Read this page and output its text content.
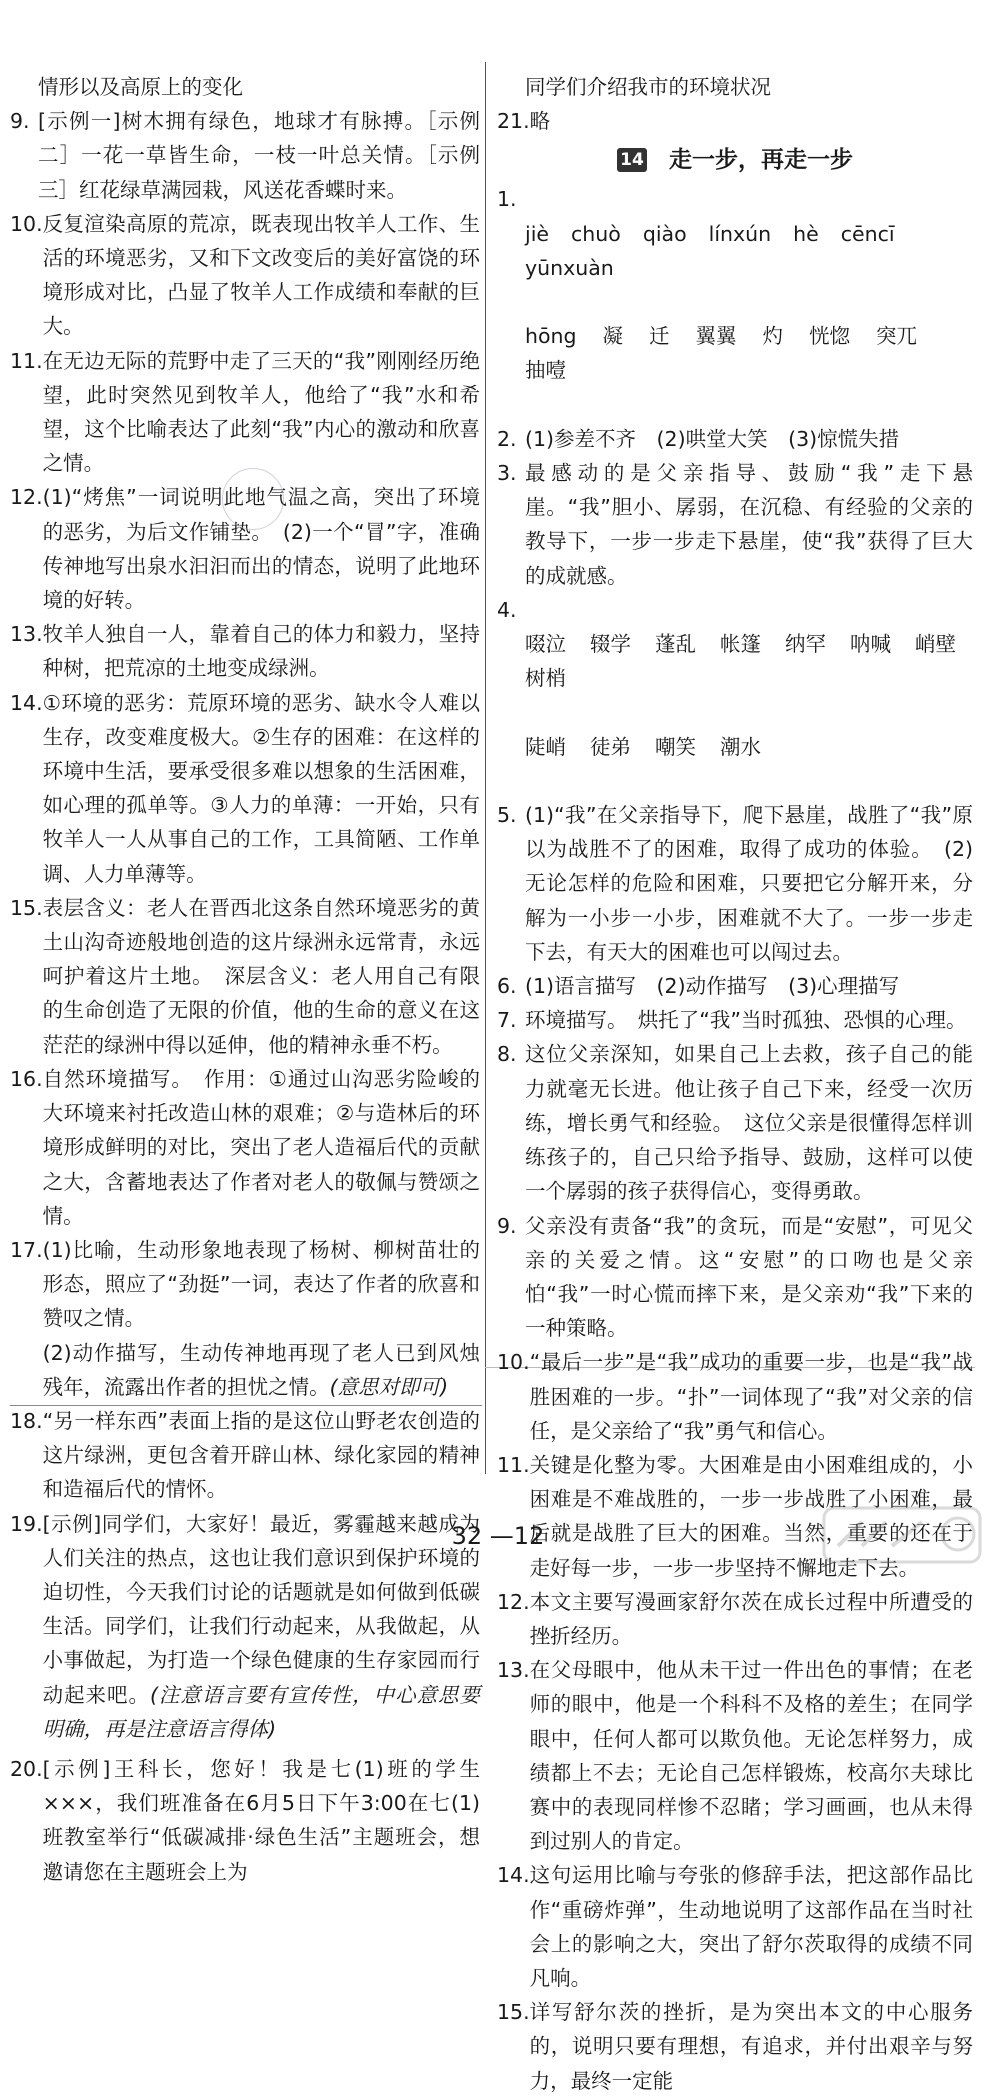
情形以及高原上的变化
9. [示例一]树木拥有绿色，地球才有脉搏。［示例二］一花一草皆生命，一枝一叶总关情。［示例三］红花绿草满园栽，风送花香蝶时来。
10. 反复渲染高原的荒凉，既表现出牧羊人工作、生活的环境恶劣，又和下文改变后的美好富饶的环境形成对比，凸显了牧羊人工作成绩和奉献的巨大。
11. 在无边无际的荒野中走了三天的“我”刚刚经历绝望，此时突然见到牧羊人，他给了“我”水和希望，这个比喻表达了此刻“我”内心的激动和欣喜之情。
12. (1)“烤焦”一词说明此地气温之高，突出了环境的恶劣，为后文作铺垫。　(2)一个“冒”字，准确传神地写出泉水汩汩而出的情态，说明了此地环境的好转。
13. 牧羊人独自一人，靠着自己的体力和毅力，坚持种树，把荒凉的土地变成绿洲。
14. ①环境的恶劣：荒原环境的恶劣、缺水令人难以生存，改变难度极大。②生存的困难：在这样的环境中生活，要承受很多难以想象的生活困难，如心理的孤单等。③人力的单薄：一开始，只有牧羊人一人从事自己的工作，工具简陋、工作单调、人力单薄等。
15. 表层含义：老人在晋西北这条自然环境恶劣的黄土山沟奇迹般地创造的这片绿洲永远常青，永远呵护着这片土地。　深层含义：老人用自己有限的生命创造了无限的价值，他的生命的意义在这茫茫的绿洲中得以延伸，他的精神永垂不朽。
16. 自然环境描写。　作用：①通过山沟恶劣险峻的大环境来衬托改造山林的艰难；②与造林后的环境形成鲜明的对比，突出了老人造福后代的贡献之大，含蓄地表达了作者对老人的敬佩与赞颂之情。
17. (1)比喻，生动形象地表现了杨树、柳树苗壮的形态，照应了“劲挺”一词，表达了作者的欣喜和赞叹之情。
(2)动作描写，生动传神地再现了老人已到风烛残年，流露出作者的担忧之情。(意思对即可)
18. “另一样东西”表面上指的是这位山野老农创造的这片绿洲，更包含着开辟山林、绿化家园的精神和造福后代的情怀。
19. [示例]同学们，大家好！最近，雾霾越来越成为人们关注的热点，这也让我们意识到保护环境的迫切性，今天我们讨论的话题就是如何做到低碳生活。同学们，让我们行动起来，从我做起，从小事做起，为打造一个绿色健康的生存家园而行动起来吧。(注意语言要有宣传性，中心意思要明确，再是注意语言得体)
20. [示例]王科长，您好！我是七(1)班的学生×××，我们班准备在6月5日下午3:00在七(1)班教室举行“低碳减排·绿色生活”主题班会，想邀请您在主题班会上为
同学们介绍我市的环境状况
21. 略
14 走一步，再走一步
1.

jiè chuò qiào línxún hè cēncī
yūnxuàn

hōng 凝 迁 翼翼 灼 恍惚 突兀
抽噎

2. (1)参差不齐　(2)哄堂大笑　(3)惊慌失措
3. 最感动的是父亲指导、鼓励“我”走下悬崖。“我”胆小、孱弱，在沉稳、有经验的父亲的教导下，一步一步走下悬崖，使“我”获得了巨大的成就感。
4.

啜泣 辍学 蓬乱 帐篷 纳罕 呐喊 峭壁
树梢

陡峭 徒弟 嘲笑 潮水

5. (1)“我”在父亲指导下，爬下悬崖，战胜了“我”原以为战胜不了的困难，取得了成功的体验。　(2)无论怎样的危险和困难，只要把它分解开来，分解为一小步一小步，困难就不大了。一步一步走下去，有天大的困难也可以闯过去。
6. (1)语言描写　(2)动作描写　(3)心理描写
7. 环境描写。　烘托了“我”当时孤独、恐惧的心理。
8. 这位父亲深知，如果自己上去救，孩子自己的能力就毫无长进。他让孩子自己下来，经受一次历练，增长勇气和经验。　这位父亲是很懂得怎样训练孩子的，自己只给予指导、鼓励，这样可以使一个孱弱的孩子获得信心，变得勇敢。
9. 父亲没有责备“我”的贪玩，而是“安慰”，可见父亲的关爱之情。这“安慰”的口吻也是父亲怕“我”一时心慌而摔下来，是父亲劝“我”下来的一种策略。
10. “最后一步”是“我”成功的重要一步，也是“我”战胜困难的一步。“扑”一词体现了“我”对父亲的信任，是父亲给了“我”勇气和信心。
11. 关键是化整为零。大困难是由小困难组成的，小困难是不难战胜的，一步一步战胜了小困难，最后就是战胜了巨大的困难。当然，重要的还在于走好每一步，一步一步坚持不懈地走下去。
12. 本文主要写漫画家舒尔茨在成长过程中所遭受的挫折经历。
13. 在父母眼中，他从未干过一件出色的事情；在老师的眼中，他是一个科科不及格的差生；在同学眼中，任何人都可以欺负他。无论怎样努力，成绩都上不去；无论自己怎样锻炼，校高尔夫球比赛中的表现同样惨不忍睹；学习画画，也从未得到过别人的肯定。
14. 这句运用比喻与夸张的修辞手法，把这部作品比作“重磅炸弹”，生动地说明了这部作品在当时社会上的影响之大，突出了舒尔茨取得的成绩不同凡响。
15. 详写舒尔茨的挫折，是为突出本文的中心服务的，说明只要有理想，有追求，并付出艰辛与努力，最终一定能
32 —12
